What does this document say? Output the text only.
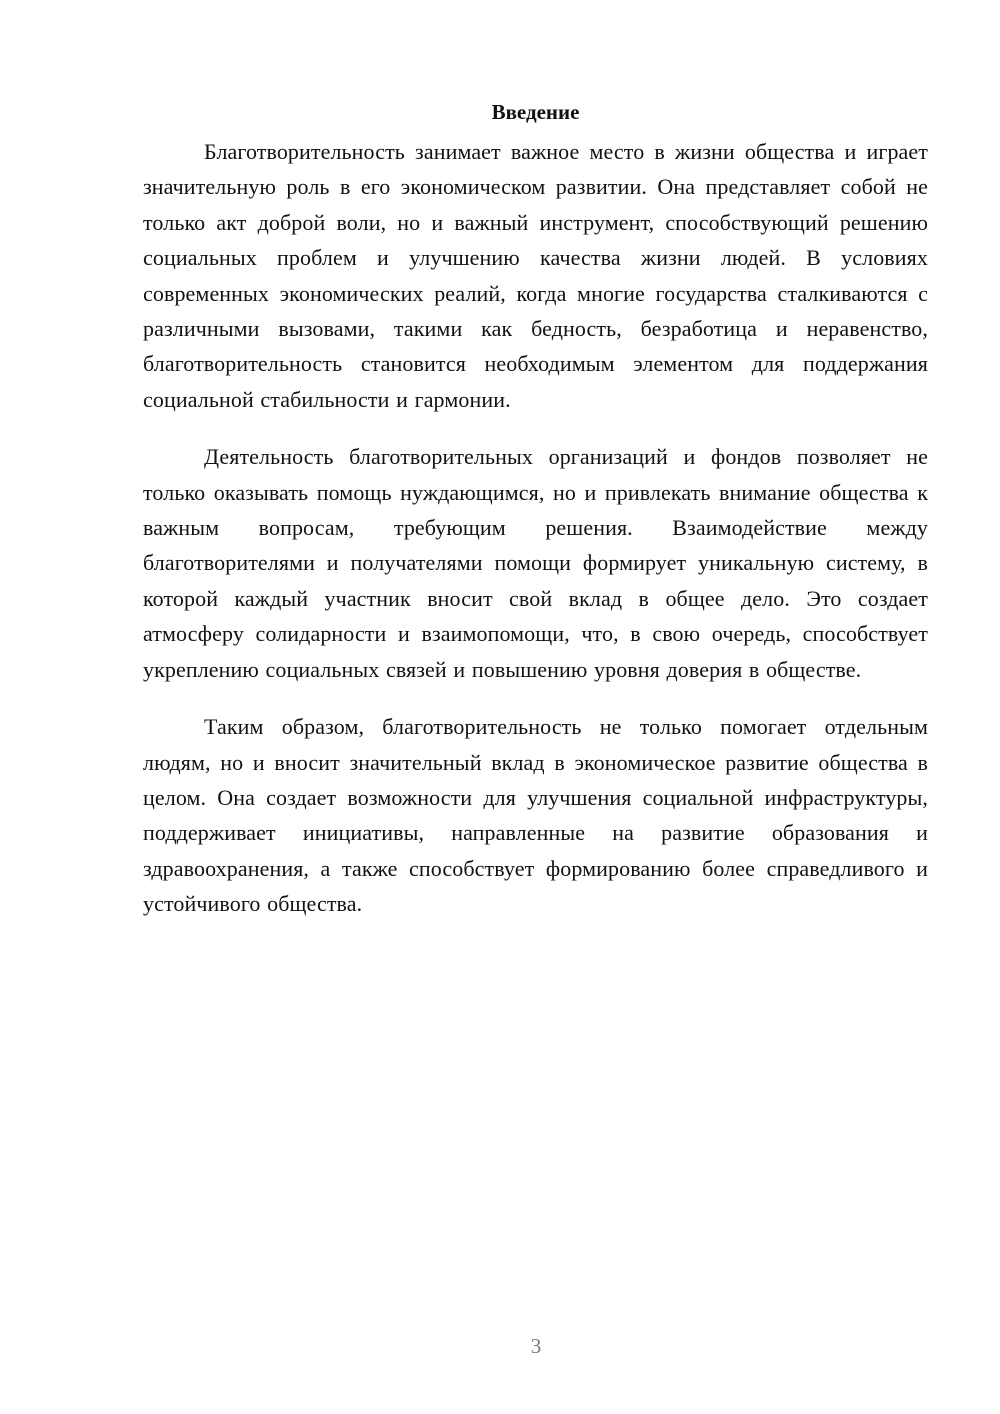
Введение

Благотворительность занимает важное место в жизни общества и играет значительную роль в его экономическом развитии. Она представляет собой не только акт доброй воли, но и важный инструмент, способствующий решению социальных проблем и улучшению качества жизни людей. В условиях современных экономических реалий, когда многие государства сталкиваются с различными вызовами, такими как бедность, безработица и неравенство, благотворительность становится необходимым элементом для поддержания социальной стабильности и гармонии.

Деятельность благотворительных организаций и фондов позволяет не только оказывать помощь нуждающимся, но и привлекать внимание общества к важным вопросам, требующим решения. Взаимодействие между благотворителями и получателями помощи формирует уникальную систему, в которой каждый участник вносит свой вклад в общее дело. Это создает атмосферу солидарности и взаимопомощи, что, в свою очередь, способствует укреплению социальных связей и повышению уровня доверия в обществе.

Таким образом, благотворительность не только помогает отдельным людям, но и вносит значительный вклад в экономическое развитие общества в целом. Она создает возможности для улучшения социальной инфраструктуры, поддерживает инициативы, направленные на развитие образования и здравоохранения, а также способствует формированию более справедливого и устойчивого общества.

3
